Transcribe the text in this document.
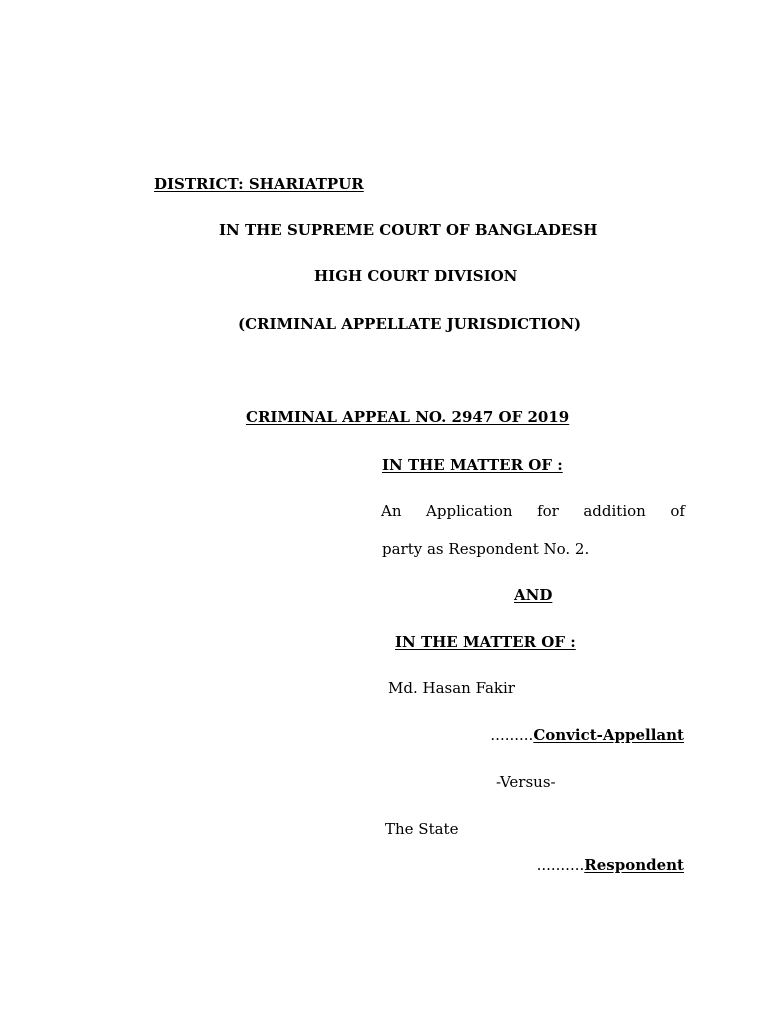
DISTRICT: SHARIATPUR
IN THE SUPREME COURT OF BANGLADESH
HIGH COURT DIVISION
(CRIMINAL APPELLATE JURISDICTION)
CRIMINAL APPEAL NO. 2947 OF 2019
IN THE MATTER OF :
An Application for addition of
party as Respondent No. 2.
AND
IN THE MATTER OF :
Md. Hasan Fakir
.........Convict-Appellant
-Versus-
The State
..........Respondent
